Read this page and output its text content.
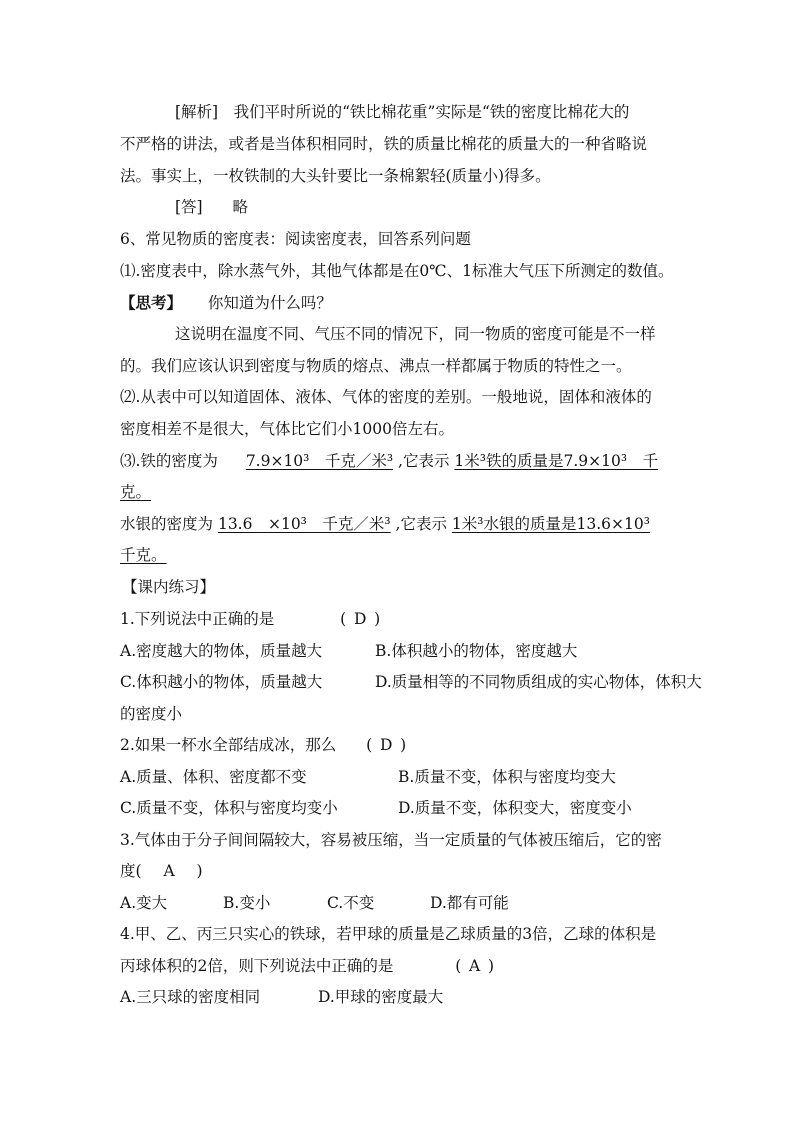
[解析]　我们平时所说的“铁比棉花重”实际是“铁的密度比棉花大的
不严格的讲法，或者是当体积相同时，铁的质量比棉花的质量大的一种省略说
法。事实上，一枚铁制的大头针要比一条棉絮轻(质量小)得多。
[答] 略
6、常见物质的密度表：阅读密度表，回答系列问题
⑴.密度表中，除水蒸气外，其他气体都是在0℃、1标准大气压下所测定的数值。
【思考】 你知道为什么吗？
这说明在温度不同、气压不同的情况下，同一物质的密度可能是不一样
的。我们应该认识到密度与物质的熔点、沸点一样都属于物质的特性之一。
⑵.从表中可以知道固体、液体、气体的密度的差别。一般地说，固体和液体的
密度相差不是很大，气体比它们小1000倍左右。
⑶.铁的密度为 7.9×10³　千克／米³ ,它表示 1米³铁的质量是7.9×10³　千
克。
水银的密度为 13.6　×10³　千克／米³ ,它表示 1米³水银的质量是13.6×10³
千克。
【课内练习】
1.下列说法中正确的是	( D )
A.密度越大的物体，质量越大	B.体积越小的物体，密度越大
C.体积越小的物体，质量越大	D.质量相等的不同物质组成的实心物体，体积大
的密度小
2.如果一杯水全部结成冰，那么 ( D )
A.质量、体积、密度都不变	B.质量不变，体积与密度均变大
C.质量不变，体积与密度均变小	D.质量不变，体积变大，密度变小
3.气体由于分子间间隔较大，容易被压缩，当一定质量的气体被压缩后，它的密
度( A )
A.变大	B.变小	C.不变	D.都有可能
4.甲、乙、丙三只实心的铁球，若甲球的质量是乙球质量的3倍，乙球的体积是
丙球体积的2倍，则下列说法中正确的是	( A )
A.三只球的密度相同	D.甲球的密度最大
